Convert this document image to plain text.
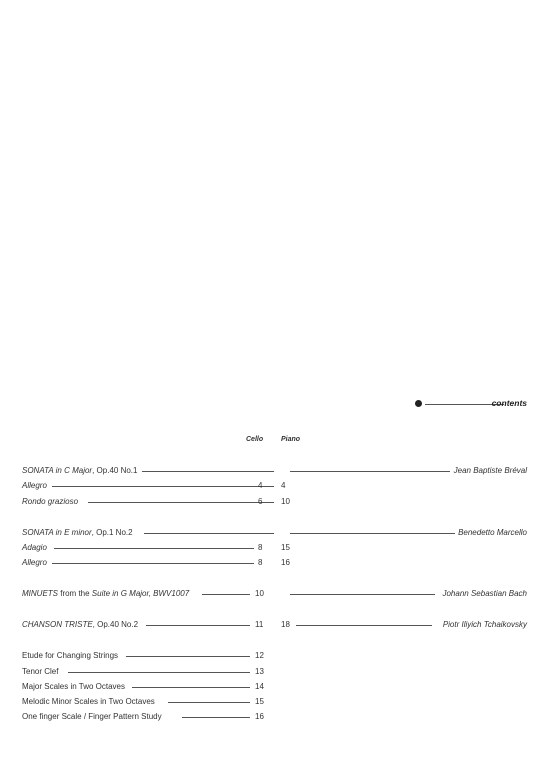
contents
Cello	Piano
SONATA in C Major, Op.40 No.1	Jean Baptiste Bréval
Allegro	4 4
Rondo grazioso	6 10
SONATA in E minor, Op.1 No.2	Benedetto Marcello
Adagio	8 15
Allegro	8 16
MINUETS from the Suite in G Major, BWV1007	10	Johann Sebastian Bach
CHANSON TRISTE, Op.40 No.2	11 18	Piotr Iliyich Tchaikovsky
Etude for Changing Strings	12
Tenor Clef	13
Major Scales in Two Octaves	14
Melodic Minor Scales in Two Octaves	15
One finger Scale / Finger Pattern Study	16
